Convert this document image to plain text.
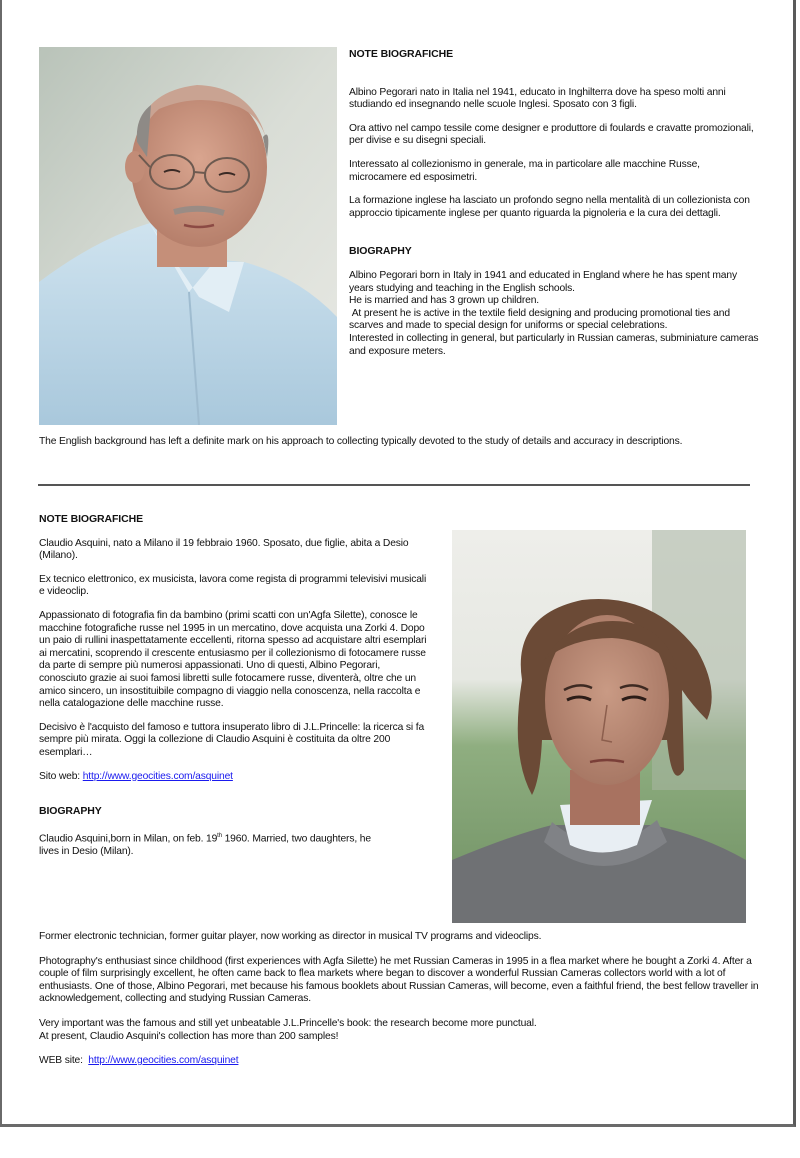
NOTE BIOGRAFICHE

Albino Pegorari nato in Italia nel 1941, educato in Inghilterra dove ha speso molti anni studiando ed insegnando nelle scuole Inglesi. Sposato con 3 figli.

Ora attivo nel campo tessile come designer e produttore di foulards e cravatte promozionali, per divise e su disegni speciali.

Interessato al collezionismo in generale, ma in particolare alle macchine Russe, microcamere ed esposimetri.

La formazione inglese ha lasciato un profondo segno nella mentalità di un collezionista con approccio tipicamente inglese per quanto riguarda la pignoleria e la cura dei dettagli.

BIOGRAPHY

Albino Pegorari born in Italy in 1941 and educated in England where he has spent many years studying and teaching in the English schools.
He is married and has 3 grown up children.
At present he is active in the textile field designing and producing promotional ties and scarves and made to special design for uniforms or special celebrations.
Interested in collecting in general, but particularly in Russian cameras, subminiature cameras and exposure meters.
The English background has left a definite mark on his approach to collecting typically devoted to the study of details and accuracy in descriptions.

NOTE BIOGRAFICHE

Claudio Asquini, nato a Milano il 19 febbraio 1960. Sposato, due figlie, abita a Desio (Milano).

Ex tecnico elettronico, ex musicista, lavora come regista di programmi televisivi musicali e videoclip.

Appassionato di fotografia fin da bambino (primi scatti con un'Agfa Silette), conosce le macchine fotografiche russe nel 1995 in un mercatino, dove acquista una Zorki 4. Dopo un paio di rullini inaspettatamente eccellenti, ritorna spesso ad acquistare altri esemplari ai mercatini, scoprendo il crescente entusiasmo per il collezionismo di fotocamere russe da parte di sempre più numerosi appassionati. Uno di questi, Albino Pegorari, conosciuto grazie ai suoi famosi libretti sulle fotocamere russe, diventerà, oltre che un amico sincero, un insostituibile compagno di viaggio nella conoscenza, nella raccolta e nella catalogazione delle macchine russe.

Decisivo è l'acquisto del famoso e tuttora insuperato libro di J.L.Princelle: la ricerca si fa sempre più mirata. Oggi la collezione di Claudio Asquini è costituita da oltre 200 esemplari…

Sito web: http://www.geocities.com/asquinet

BIOGRAPHY

Claudio Asquini,born in Milan, on feb. 19th 1960. Married, two daughters, he lives in Desio (Milan).

Former electronic technician, former guitar player, now working as director in musical TV programs and videoclips.

Photography's enthusiast since childhood (first experiences with Agfa Silette) he met Russian Cameras in 1995 in a flea market where he bought a Zorki 4. After a couple of film surprisingly excellent, he often came back to flea markets where began to discover a wonderful Russian Cameras collectors world with a lot of enthusiasts. One of those, Albino Pegorari, met because his famous booklets about Russian Cameras, will become, even a faithful friend, the best fellow traveller in acknowledgement, collecting and studying Russian Cameras.

Very important was the famous and still yet unbeatable J.L.Princelle's book: the research become more punctual.
At present, Claudio Asquini's collection has more than 200 samples!

WEB site: http://www.geocities.com/asquinet
